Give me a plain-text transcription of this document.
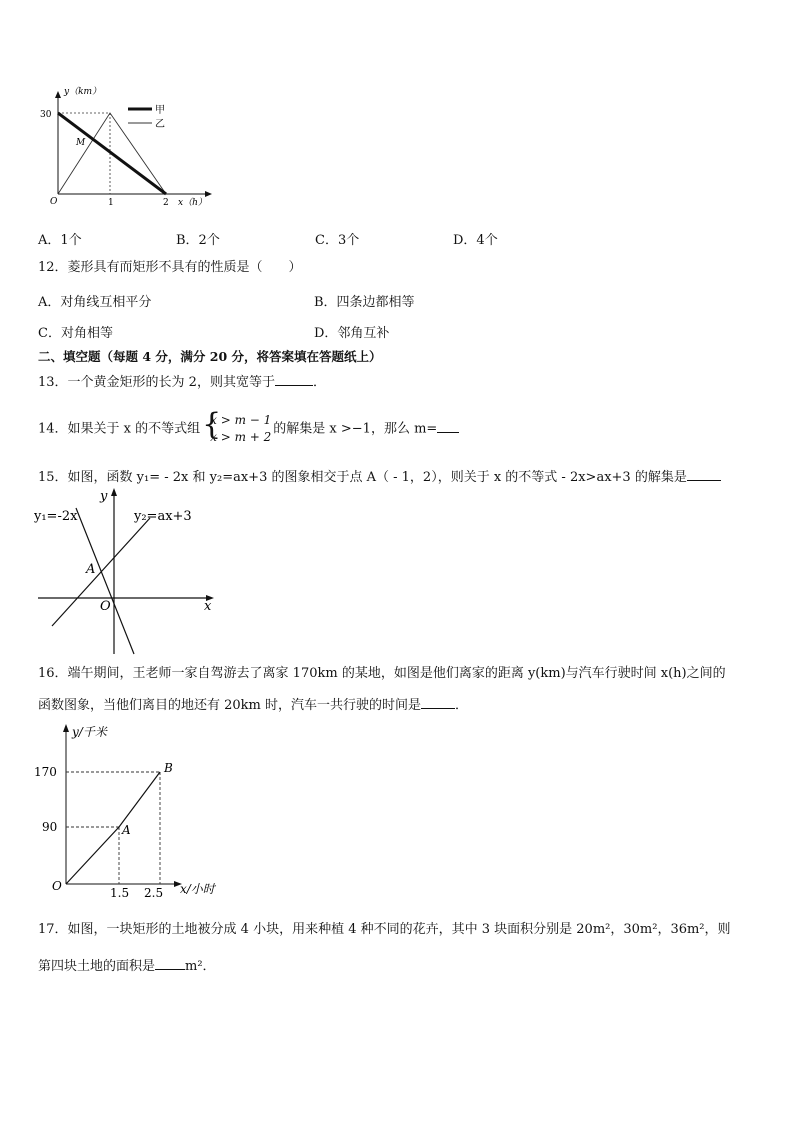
y（km）
30
O	1	2 x（h）
M
甲
乙
A．1个	B．2个	C．3个	D．4个
12．菱形具有而矩形不具有的性质是（　　）
A．对角线互相平分	B．四条边都相等
C．对角相等	D．邻角互补
二、填空题（每题 4 分，满分 20 分，将答案填在答题纸上）
13．一个黄金矩形的长为 2，则其宽等于	．
14．如果关于 x 的不等式组 {
x > m − 1
x > m + 2
的解集是 x >−1，那么 m=
15．如图，函数 y₁= - 2x 和 y₂=ax+3 的图象相交于点 A（ - 1，2），则关于 x 的不等式 - 2x>ax+3 的解集是
y₁=-2x	y₂=ax+3
y
x
A
O
16．端午期间，王老师一家自驾游去了离家 170km 的某地，如图是他们离家的距离 y(km)与汽车行驶时间 x(h)之间的
函数图象，当他们离目的地还有 20km 时，汽车一共行驶的时间是	．
y/千米
170
90
O	1.5 2.5 x/小时
A
B
17．如图，一块矩形的土地被分成 4 小块，用来种植 4 种不同的花卉，其中 3 块面积分别是 20m²，30m²，36m²，则
第四块土地的面积是 m²．
